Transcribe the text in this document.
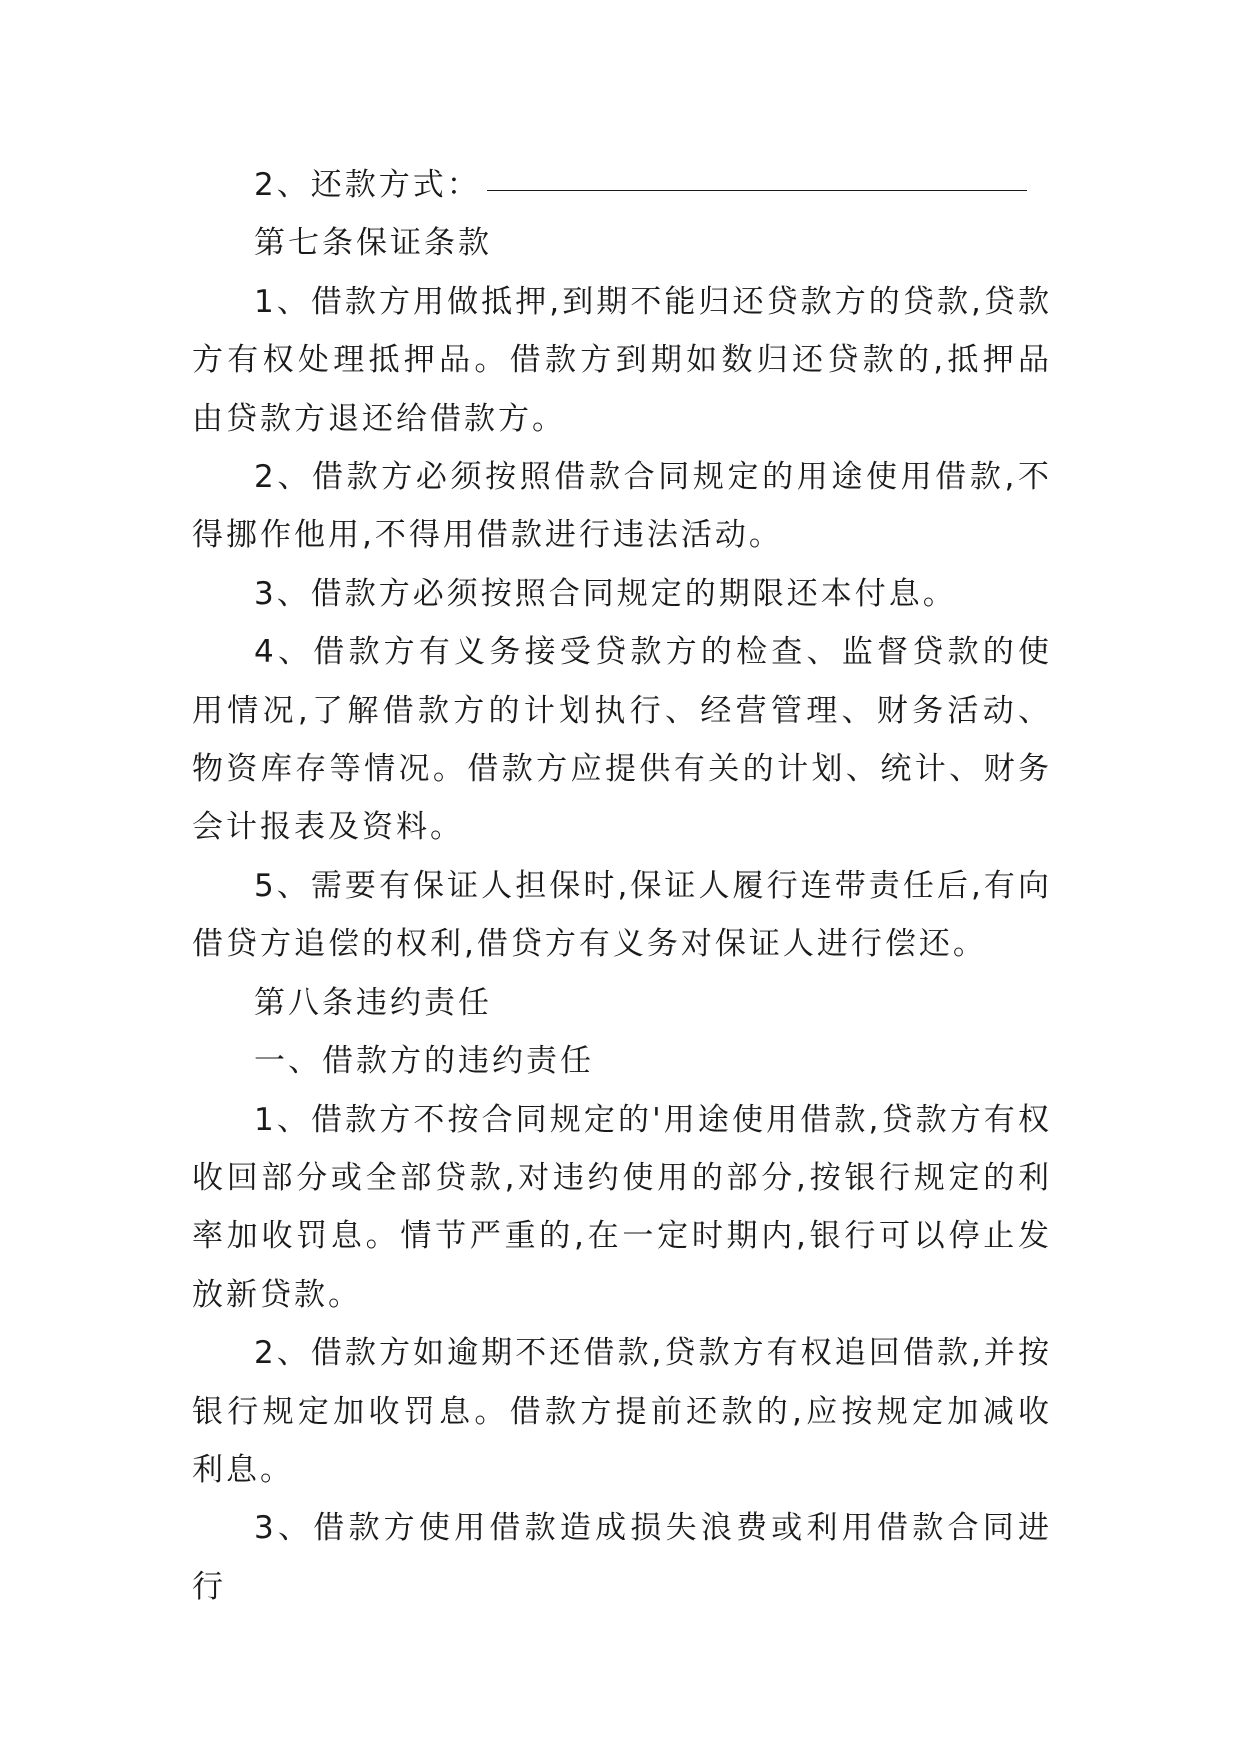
2、还款方式：

第七条保证条款

1、借款方用做抵押,到期不能归还贷款方的贷款,贷款方有权处理抵押品。借款方到期如数归还贷款的,抵押品由贷款方退还给借款方。

2、借款方必须按照借款合同规定的用途使用借款,不得挪作他用,不得用借款进行违法活动。

3、借款方必须按照合同规定的期限还本付息。

4、借款方有义务接受贷款方的检查、监督贷款的使用情况,了解借款方的计划执行、经营管理、财务活动、物资库存等情况。借款方应提供有关的计划、统计、财务会计报表及资料。

5、需要有保证人担保时,保证人履行连带责任后,有向借贷方追偿的权利,借贷方有义务对保证人进行偿还。

第八条违约责任

一、借款方的违约责任

1、借款方不按合同规定的'用途使用借款,贷款方有权收回部分或全部贷款,对违约使用的部分,按银行规定的利率加收罚息。情节严重的,在一定时期内,银行可以停止发放新贷款。

2、借款方如逾期不还借款,贷款方有权追回借款,并按银行规定加收罚息。借款方提前还款的,应按规定加减收利息。

3、借款方使用借款造成损失浪费或利用借款合同进行
